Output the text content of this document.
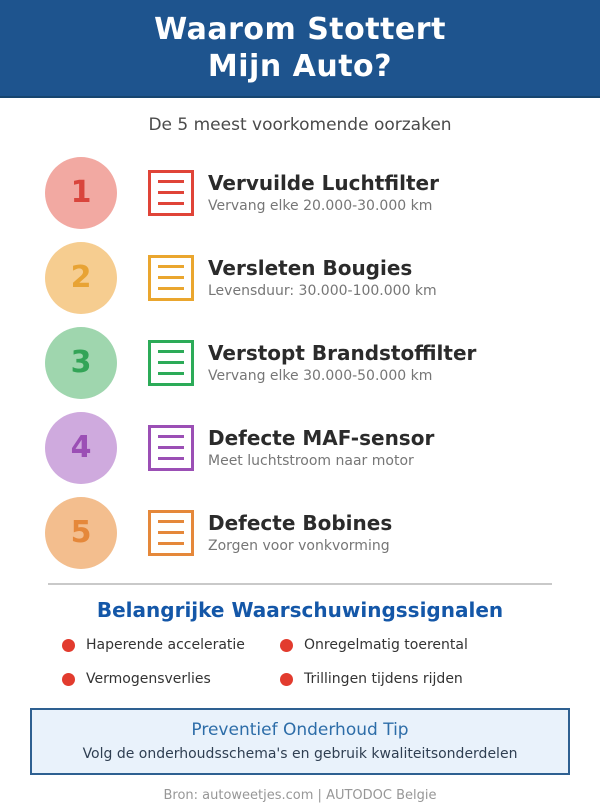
Waarom Stottert
Mijn Auto?
De 5 meest voorkomende oorzaken
1	Vervuilde Luchtfilter
Vervang elke 20.000-30.000 km
2	Versleten Bougies
Levensduur: 30.000-100.000 km
3	Verstopt Brandstoffilter
Vervang elke 30.000-50.000 km
4	Defecte MAF-sensor
Meet luchtstroom naar motor
5	Defecte Bobines
Zorgen voor vonkvorming
Belangrijke Waarschuwingssignalen
Haperende acceleratie	Onregelmatig toerental
Vermogensverlies	Trillingen tijdens rijden
Preventief Onderhoud Tip
Volg de onderhoudsschema's en gebruik kwaliteitsonderdelen
Bron: autoweetjes.com | AUTODOC Belgie
